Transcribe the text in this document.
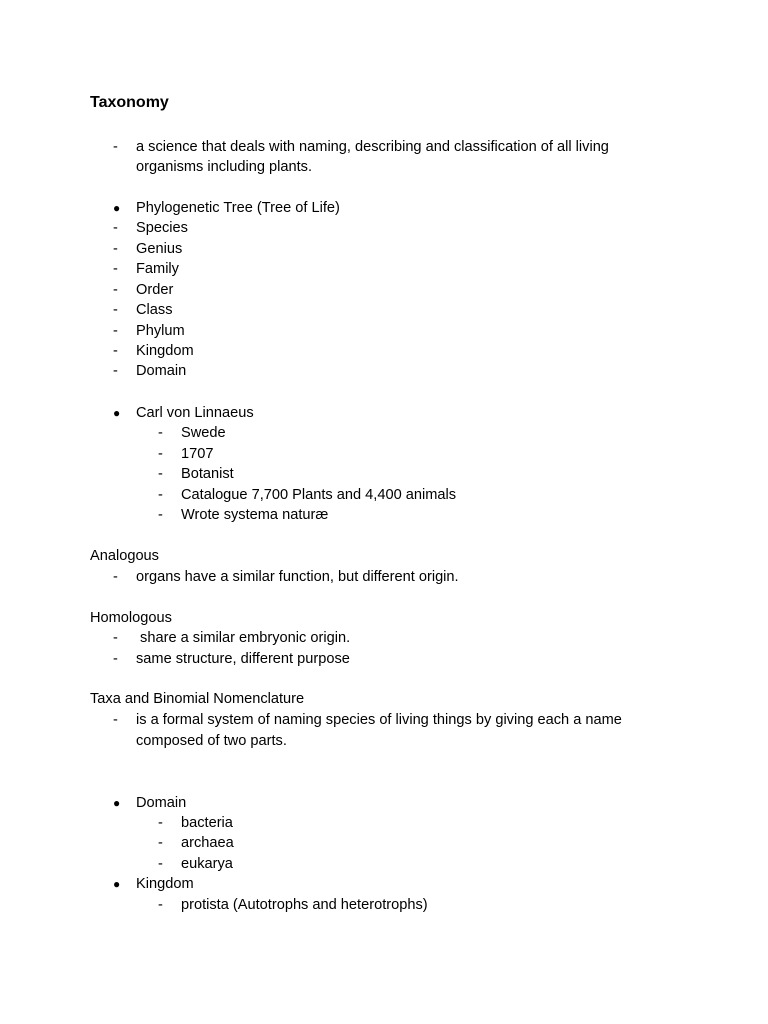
Taxonomy
- a science that deals with naming, describing and classification of all living
organisms including plants.
● Phylogenetic Tree (Tree of Life)
- Species
- Genius
- Family
- Order
- Class
- Phylum
- Kingdom
- Domain
● Carl von Linnaeus
- Swede
- 1707
- Botanist
- Catalogue 7,700 Plants and 4,400 animals
- Wrote systema naturæ
Analogous
- organs have a similar function, but different origin.
Homologous
- share a similar embryonic origin.
- same structure, different purpose
Taxa and Binomial Nomenclature
- is a formal system of naming species of living things by giving each a name
composed of two parts.
● Domain
- bacteria
- archaea
- eukarya
● Kingdom
- protista (Autotrophs and heterotrophs)
